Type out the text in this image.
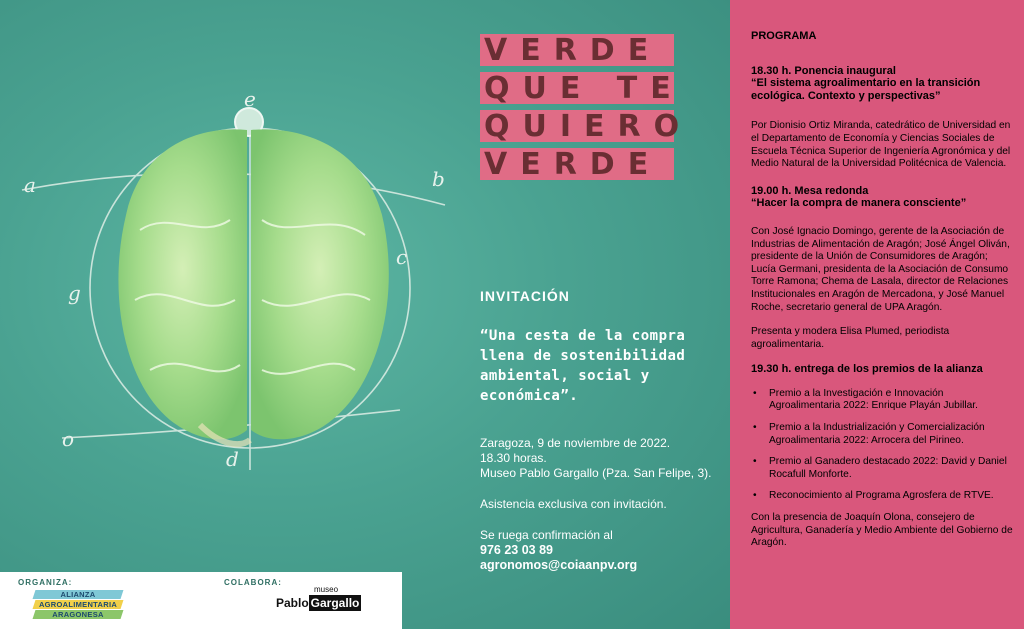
e
a	b
c
g
o
d
VERDE
QUE TE
QUIERO
VERDE
INVITACIÓN
“Una cesta de la compra llena de sostenibilidad ambiental, social y económica”.

Zaragoza, 9 de noviembre de 2022.

18.30 horas.

Museo Pablo Gargallo (Pza. San Felipe, 3).

Asistencia exclusiva con invitación.

Se ruega confirmación al

976 23 03 89

agronomos@coiaanpv.org

ORGANIZA:	COLABORA:
ALIANZA
AGROALIMENTARIA
ARAGONESA
museo
Pablo Gargallo

PROGRAMA

18.30 h. Ponencia inaugural

“El sistema agroalimentario en la transición ecológica. Contexto y perspectivas”

Por Dionisio Ortiz Miranda, catedrático de Universidad en el Departamento de Economía y Ciencias Sociales de Escuela Técnica Superior de Ingeniería Agronómica y del Medio Natural de la Universidad Politécnica de Valencia.

19.00 h. Mesa redonda

“Hacer la compra de manera consciente”

Con José Ignacio Domingo, gerente de la Asociación de Industrias de Alimentación de Aragón; José Ángel Oliván, presidente de la Unión de Consumidores de Aragón; Lucía Germani, presidenta de la Asociación de Consumo Torre Ramona; Chema de Lasala, director de Relaciones Institucionales en Aragón de Mercadona, y José Manuel Roche, secretario general de UPA Aragón.

Presenta y modera Elisa Plumed, periodista agroalimentaria.

19.30 h. entrega de los premios de la alianza

• Premio a la Investigación e Innovación Agroalimentaria 2022: Enrique Playán Jubillar.
• Premio a la Industrialización y Comercialización Agroalimentaria 2022: Arrocera del Pirineo.
• Premio al Ganadero destacado 2022: David y Daniel Rocafull Monforte.
• Reconocimiento al Programa Agrosfera de RTVE.

Con la presencia de Joaquín Olona, consejero de Agricultura, Ganadería y Medio Ambiente del Gobierno de Aragón.
